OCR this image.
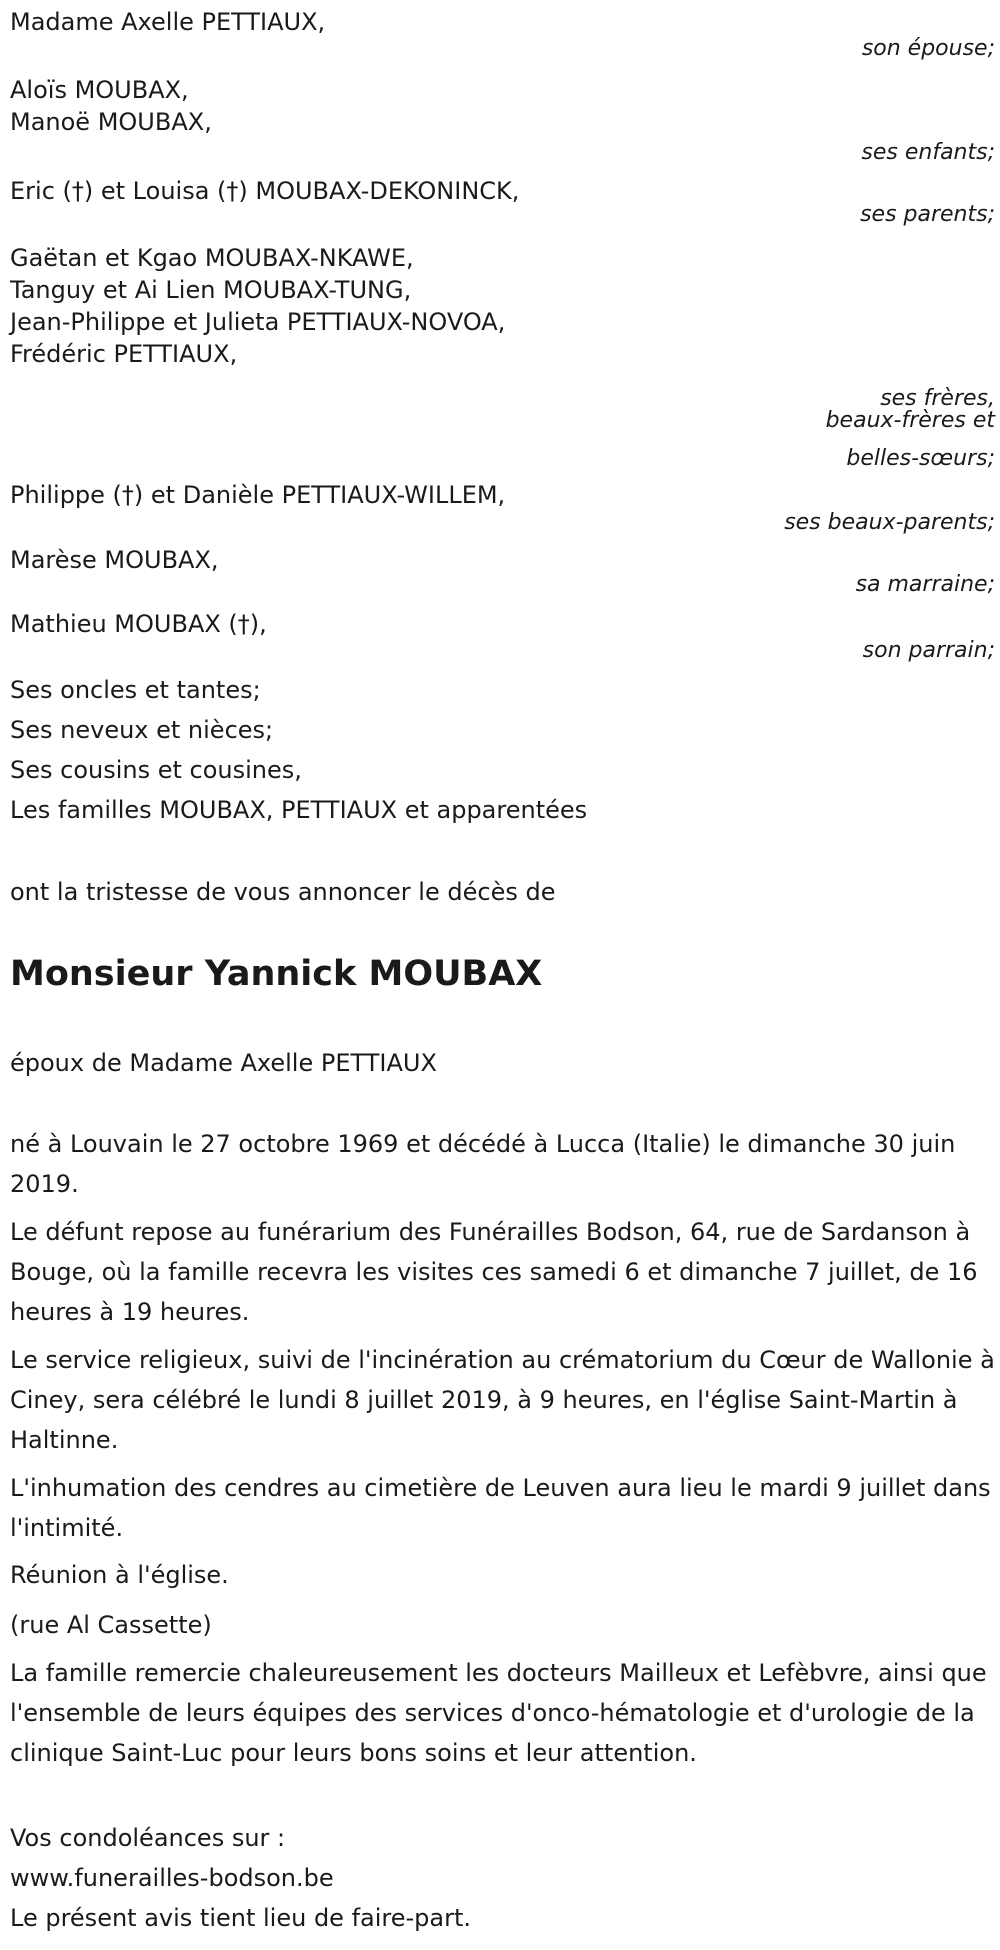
Madame Axelle PETTIAUX,
son épouse;
Aloïs MOUBAX,
Manoë MOUBAX,
ses enfants;
Eric (†) et Louisa (†) MOUBAX-DEKONINCK,
ses parents;
Gaëtan et Kgao MOUBAX-NKAWE,
Tanguy et Ai Lien MOUBAX-TUNG,
Jean-Philippe et Julieta PETTIAUX-NOVOA,
Frédéric PETTIAUX,
ses frères,
beaux-frères et
belles-sœurs;
Philippe (†) et Danièle PETTIAUX-WILLEM,
ses beaux-parents;
Marèse MOUBAX,
sa marraine;
Mathieu MOUBAX (†),
son parrain;
Ses oncles et tantes;
Ses neveux et nièces;
Ses cousins et cousines,
Les familles MOUBAX, PETTIAUX et apparentées
ont la tristesse de vous annoncer le décès de
Monsieur Yannick MOUBAX
époux de Madame Axelle PETTIAUX
né à Louvain le 27 octobre 1969 et décédé à Lucca (Italie) le dimanche 30 juin 2019.
Le défunt repose au funérarium des Funérailles Bodson, 64, rue de Sardanson à Bouge, où la famille recevra les visites ces samedi 6 et dimanche 7 juillet, de 16 heures à 19 heures.
Le service religieux, suivi de l'incinération au crématorium du Cœur de Wallonie à Ciney, sera célébré le lundi 8 juillet 2019, à 9 heures, en l'église Saint-Martin à Haltinne.
L'inhumation des cendres au cimetière de Leuven aura lieu le mardi 9 juillet dans l'intimité.
Réunion à l'église.
(rue Al Cassette)
La famille remercie chaleureusement les docteurs Mailleux et Lefèbvre, ainsi que l'ensemble de leurs équipes des services d'onco-hématologie et d'urologie de la clinique Saint-Luc pour leurs bons soins et leur attention.
Vos condoléances sur :
www.funerailles-bodson.be
Le présent avis tient lieu de faire-part.
